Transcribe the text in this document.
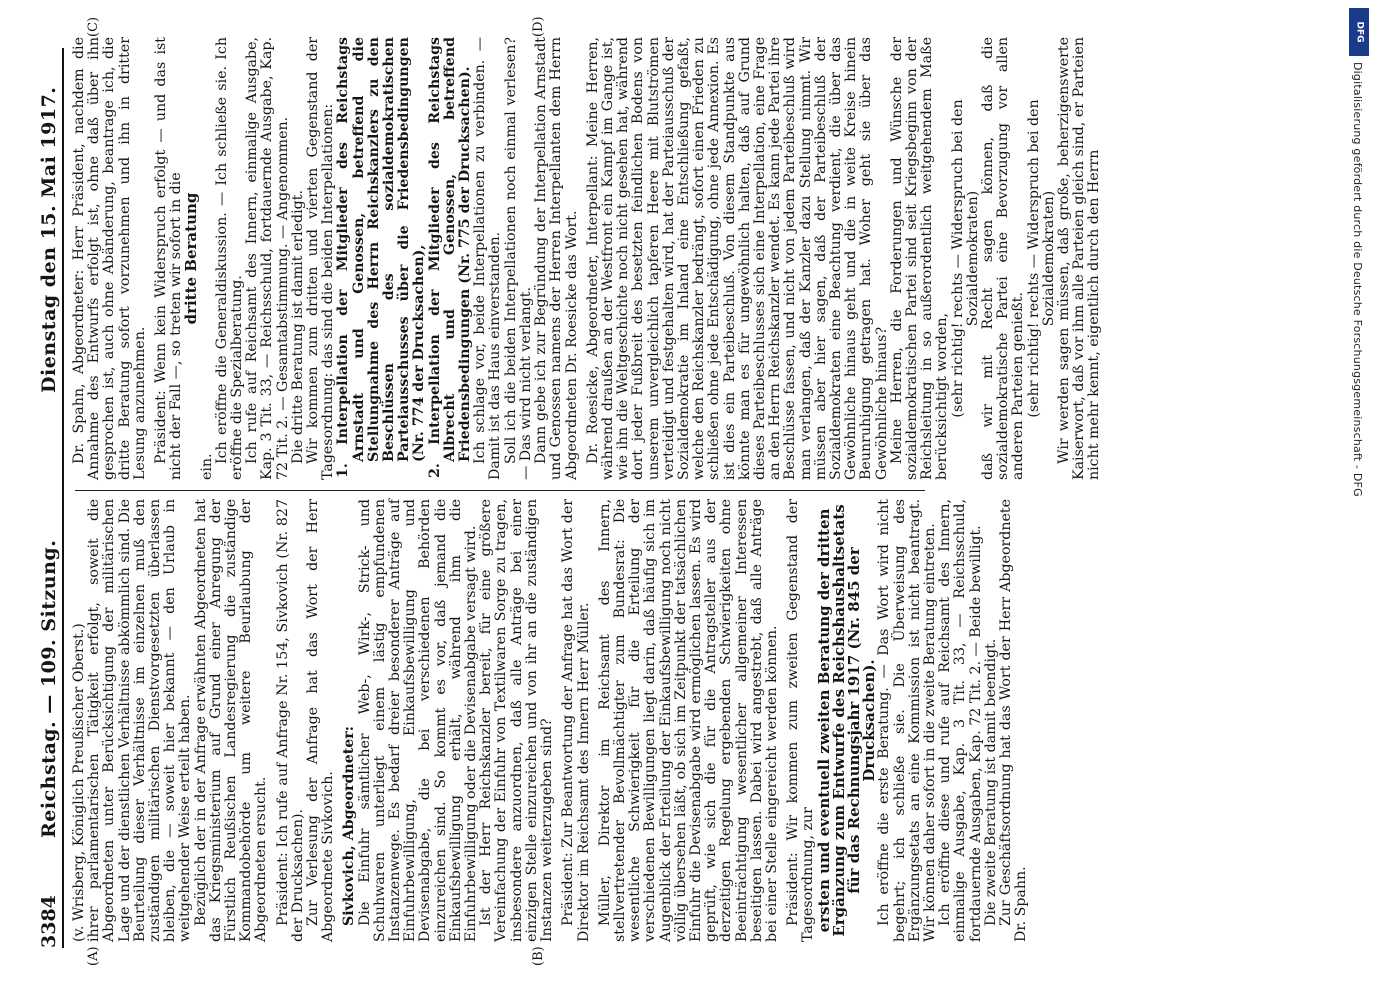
3384
Reichstag. — 109. Sitzung.
Dienstag den 15. Mai 1917.
(A)	(B)
(C)	(D)

(v. Wrisberg, Königlich Preußischer Oberst.) ihrer parlamentarischen Tätigkeit erfolgt, soweit die Abgeordneten unter Berücksichtigung der militärischen Lage und der dienstlichen Verhältnisse abkömmlich sind. Die Beurteilung dieser Verhältnisse im einzelnen muß den zuständigen militärischen Dienstvorgesetzten überlassen bleiben, die — soweit hier bekannt — den Urlaub in weitgehender Weise erteilt haben. Bezüglich der in der Anfrage erwähnten Abgeordneten hat das Kriegsministerium auf Grund einer Anregung der Fürstlich Reußischen Landesregierung die zuständige Kommandobehörde um weitere Beurlaubung der Abgeordneten ersucht. Präsident: Ich rufe auf Anfrage Nr. 154, Sivkovich (Nr. 827 der Drucksachen). Zur Verlesung der Anfrage hat das Wort der Herr Abgeordnete Sivkovich. Sivkovich, Abgeordneter: Die Einfuhr sämtlicher Web-, Wirk-, Strick- und Schuhwaren unterliegt einem lästig empfundenen Instanzenwege. Es bedarf dreier besonderer Anträge auf Einfuhrbewilligung, Einkaufsbewilligung und Devisenabgabe, die bei verschiedenen Behörden einzureichen sind. So kommt es vor, daß jemand die Einkaufsbewilligung erhält, während ihm die Einfuhrbewilligung oder die Devisenabgabe versagt wird. Ist der Herr Reichskanzler bereit, für eine größere Vereinfachung der Einfuhr von Textilwaren Sorge zu tragen, insbesondere anzuordnen, daß alle Anträge bei einer einzigen Stelle einzureichen und von ihr an die zuständigen Instanzen weiterzugeben sind? Präsident: Zur Beantwortung der Anfrage hat das Wort der Direktor im Reichsamt des Innern Herr Müller. Müller, Direktor im Reichsamt des Innern, stellvertretender Bevollmächtigter zum Bundesrat: Die wesentliche Schwierigkeit für die Erteilung der verschiedenen Bewilligungen liegt darin, daß häufig sich im Augenblick der Erteilung der Einkaufsbewilligung noch nicht völlig übersehen läßt, ob sich im Zeitpunkt der tatsächlichen Einfuhr die Devisenabgabe wird ermöglichen lassen. Es wird geprüft, wie sich die für die Antragsteller aus der derzeitigen Regelung ergebenden Schwierigkeiten ohne Beeinträchtigung wesentlicher allgemeiner Interessen beseitigen lassen. Dabei wird angestrebt, daß alle Anträge bei einer Stelle eingereicht werden können. Präsident: Wir kommen zum zweiten Gegenstand der Tagesordnung, zur

ersten und eventuell zweiten Beratung der dritten Ergänzung zum Entwurfe des Reichshaushaltsetats für das Rechnungsjahr 1917 (Nr. 845 der Drucksachen).

Ich eröffne die erste Beratung. — Das Wort wird nicht begehrt; ich schließe sie. Die Überweisung des Ergänzungsetats an eine Kommission ist nicht beantragt. Wir können daher sofort in die zweite Beratung eintreten. Ich eröffne diese und rufe auf Reichsamt des Innern, einmalige Ausgabe, Kap. 3 Tit. 33, — Reichsschuld, fortdauernde Ausgaben, Kap. 72 Tit. 2. — Beide bewilligt. Die zweite Beratung ist damit beendigt. Zur Geschäftsordnung hat das Wort der Herr Abgeordnete Dr. Spahn.

Dr. Spahn, Abgeordneter: Herr Präsident, nachdem die Annahme des Entwurfs erfolgt ist, ohne daß über ihn gesprochen ist, auch ohne Abänderung, beantrage ich, die dritte Beratung sofort vorzunehmen und ihn in dritter Lesung anzunehmen. Präsident: Wenn kein Widerspruch erfolgt — und das ist nicht der Fall —, so treten wir sofort in die

dritte Beratung

ein.

Ich eröffne die Generaldiskussion. — Ich schließe sie. Ich eröffne die Spezialberatung. Ich rufe auf Reichsamt des Innern, einmalige Ausgabe, Kap. 3 Tit. 33, — Reichsschuld, fortdauernde Ausgabe, Kap. 72 Tit. 2. — Gesamtabstimmung. — Angenommen. Die dritte Beratung ist damit erledigt. Wir kommen zum dritten und vierten Gegenstand der Tagesordnung: das sind die beiden Interpellationen: 1. Interpellation der Mitglieder des Reichstags Arnstadt und Genossen, betreffend die Stellungnahme des Herrn Reichskanzlers zu den Beschlüssen des sozialdemokratischen Parteiausschusses über die Friedensbedingungen (Nr. 774 der Drucksachen), 2. Interpellation der Mitglieder des Reichstags Albrecht und Genossen, betreffend Friedensbedingungen (Nr. 775 der Drucksachen). Ich schlage vor, beide Interpellationen zu verbinden. — Damit ist das Haus einverstanden. Soll ich die beiden Interpellationen noch einmal verlesen? — Das wird nicht verlangt. Dann gebe ich zur Begründung der Interpellation Arnstadt und Genossen namens der Herren Interpellanten dem Herrn Abgeordneten Dr. Roesicke das Wort. Dr. Roesicke, Abgeordneter, Interpellant: Meine Herren, während draußen an der Westfront ein Kampf im Gange ist, wie ihn die Weltgeschichte noch nicht gesehen hat, während dort jeder Fußbreit des besetzten feindlichen Bodens von unserem unvergleichlich tapferen Heere mit Blutströmen verteidigt und festgehalten wird, hat der Parteiausschuß der Sozialdemokratie im Inland eine Entschließung gefaßt, welche den Reichskanzler bedrängt, sofort einen Frieden zu schließen ohne jede Entschädigung, ohne jede Annexion. Es ist dies ein Parteibeschluß. Von diesem Standpunkte aus könnte man es für ungewöhnlich halten, daß auf Grund dieses Parteibeschlusses sich eine Interpellation, eine Frage an den Herrn Reichskanzler wendet. Es kann jede Partei ihre Beschlüsse fassen, und nicht von jedem Parteibeschluß wird man verlangen, daß der Kanzler dazu Stellung nimmt. Wir müssen aber hier sagen, daß der Parteibeschluß der Sozialdemokraten eine Beachtung verdient, die über das Gewöhnliche hinaus geht und die in weite Kreise hinein Beunruhigung getragen hat. Woher geht sie über das Gewöhnliche hinaus? Meine Herren, die Forderungen und Wünsche der sozialdemokratischen Partei sind seit Kriegsbeginn von der Reichsleitung in so außerordentlich weitgehendem Maße berücksichtigt worden, (sehr richtig! rechts — Widerspruch bei den Sozialdemokraten) daß wir mit Recht sagen können, daß die sozialdemokratische Partei eine Bevorzugung vor allen anderen Parteien genießt. (sehr richtig! rechts — Widerspruch bei den Sozialdemokraten) Wir werden sagen müssen, daß große, beherzigenswerte Kaiserwort, daß vor ihm alle Parteien gleich sind, er Parteien nicht mehr kennt, eigentlich durch den Herrn

DFG
Digitalisierung gefördert durch die Deutsche Forschungsgemeinschaft - DFG
